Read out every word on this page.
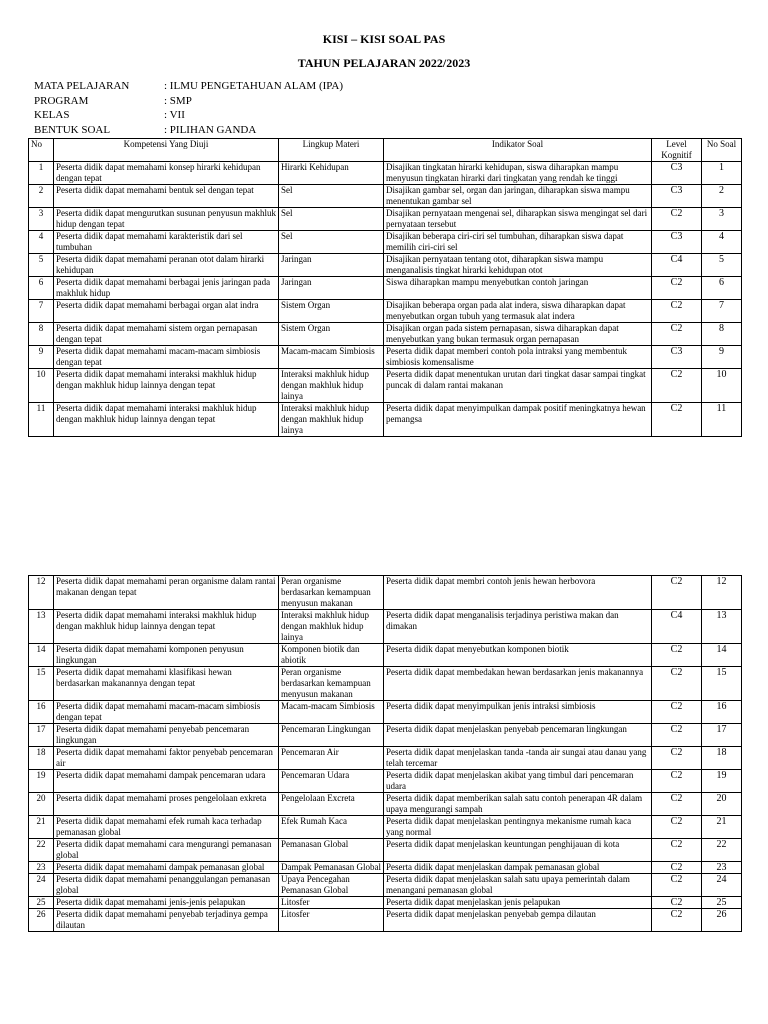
KISI – KISI SOAL PAS
TAHUN PELAJARAN 2022/2023
MATA PELAJARAN	: ILMU PENGETAHUAN ALAM (IPA)
PROGRAM	: SMP
KELAS	: VII
BENTUK SOAL	: PILIHAN GANDA
No	Kompetensi Yang Diuji	Lingkup Materi	Indikator Soal	Level Kognitif	No Soal
1	Peserta didik dapat memahami konsep hirarki kehidupan dengan tepat	Hirarki Kehidupan	Disajikan tingkatan hirarki kehidupan, siswa diharapkan mampu menyusun tingkatan hirarki dari tingkatan yang rendah ke tinggi	C3	1
2	Peserta didik dapat memahami bentuk sel dengan tepat	Sel	Disajikan gambar sel, organ dan jaringan, diharapkan siswa mampu menentukan gambar sel	C3	2
3	Peserta didik dapat mengurutkan susunan penyusun makhluk hidup dengan tepat	Sel	Disajikan pernyataan mengenai sel, diharapkan siswa mengingat sel dari pernyataan tersebut	C2	3
4	Peserta didik dapat memahami karakteristik dari sel tumbuhan	Sel	Disajikan beberapa ciri-ciri sel tumbuhan, diharapkan siswa dapat memilih ciri-ciri sel	C3	4
5	Peserta didik dapat memahami peranan otot dalam hirarki kehidupan	Jaringan	Disajikan pernyataan tentang otot, diharapkan siswa mampu menganalisis tingkat hirarki kehidupan otot	C4	5
6	Peserta didik dapat memahami berbagai jenis jaringan pada makhluk hidup	Jaringan	Siswa diharapkan mampu menyebutkan contoh jaringan	C2	6
7	Peserta didik dapat memahami berbagai organ alat indra	Sistem Organ	Disajikan beberapa organ pada alat indera, siswa diharapkan dapat menyebutkan organ tubuh yang termasuk alat indera	C2	7
8	Peserta didik dapat memahami sistem organ pernapasan dengan tepat	Sistem Organ	Disajikan organ pada sistem pernapasan, siswa diharapkan dapat menyebutkan yang bukan termasuk organ pernapasan	C2	8
9	Peserta didik dapat memahami macam-macam simbiosis dengan tepat	Macam-macam Simbiosis	Peserta didik dapat memberi contoh pola intraksi yang membentuk simbiosis komensalisme	C3	9
10	Peserta didik dapat memahami interaksi makhluk hidup dengan makhluk hidup lainnya dengan tepat	Interaksi makhluk hidup dengan makhluk hidup lainya	Peserta didik dapat menentukan urutan dari tingkat dasar sampai tingkat puncak di dalam rantai makanan	C2	10
11	Peserta didik dapat memahami interaksi makhluk hidup dengan makhluk hidup lainnya dengan tepat	Interaksi makhluk hidup dengan makhluk hidup lainya	Peserta didik dapat menyimpulkan dampak positif meningkatnya hewan pemangsa	C2	11
12	Peserta didik dapat memahami peran organisme dalam rantai makanan dengan tepat	Peran organisme berdasarkan kemampuan menyusun makanan	Peserta didik dapat membri contoh jenis hewan herbovora	C2	12
13	Peserta didik dapat memahami interaksi makhluk hidup dengan makhluk hidup lainnya dengan tepat	Interaksi makhluk hidup dengan makhluk hidup lainya	Peserta didik dapat menganalisis terjadinya peristiwa makan dan dimakan	C4	13
14	Peserta didik dapat memahami komponen penyusun lingkungan	Komponen biotik dan abiotik	Peserta didik dapat menyebutkan komponen biotik	C2	14
15	Peserta didik dapat memahami klasifikasi hewan berdasarkan makanannya dengan tepat	Peran organisme berdasarkan kemampuan menyusun makanan	Peserta didik dapat membedakan hewan berdasarkan jenis makanannya	C2	15
16	Peserta didik dapat memahami macam-macam simbiosis dengan tepat	Macam-macam Simbiosis	Peserta didik dapat menyimpulkan jenis intraksi simbiosis	C2	16
17	Peserta didik dapat memahami penyebab pencemaran lingkungan	Pencemaran Lingkungan	Peserta didik dapat menjelaskan penyebab pencemaran lingkungan	C2	17
18	Peserta didik dapat memahami faktor penyebab pencemaran air	Pencemaran Air	Peserta didik dapat menjelaskan tanda -tanda air sungai atau danau yang telah tercemar	C2	18
19	Peserta didik dapat memahami dampak pencemaran udara	Pencemaran Udara	Peserta didik dapat menjelaskan akibat yang timbul dari pencemaran udara	C2	19
20	Peserta didik dapat memahami proses pengelolaan exkreta	Pengelolaan Excreta	Peserta didik dapat memberikan salah satu contoh penerapan 4R dalam upaya mengurangi sampah	C2	20
21	Peserta didik dapat memahami efek rumah kaca terhadap pemanasan global	Efek Rumah Kaca	Peserta didik dapat menjelaskan pentingnya mekanisme rumah kaca yang normal	C2	21
22	Peserta didik dapat memahami cara mengurangi pemanasan global	Pemanasan Global	Peserta didik dapat menjelaskan keuntungan penghijauan di kota	C2	22
23	Peserta didik dapat memahami dampak pemanasan global	Dampak Pemanasan Global	Peserta didik dapat menjelaskan dampak pemanasan global	C2	23
24	Peserta didik dapat memahami penanggulangan pemanasan global	Upaya Pencegahan Pemanasan Global	Peserta didik dapat menjelaskan salah satu upaya pemerintah dalam menangani pemanasan global	C2	24
25	Peserta didik dapat memahami jenis-jenis pelapukan	Litosfer	Peserta didik dapat menjelaskan jenis pelapukan	C2	25
26	Peserta didik dapat memahami penyebab terjadinya gempa dilautan	Litosfer	Peserta didik dapat menjelaskan penyebab gempa dilautan	C2	26
